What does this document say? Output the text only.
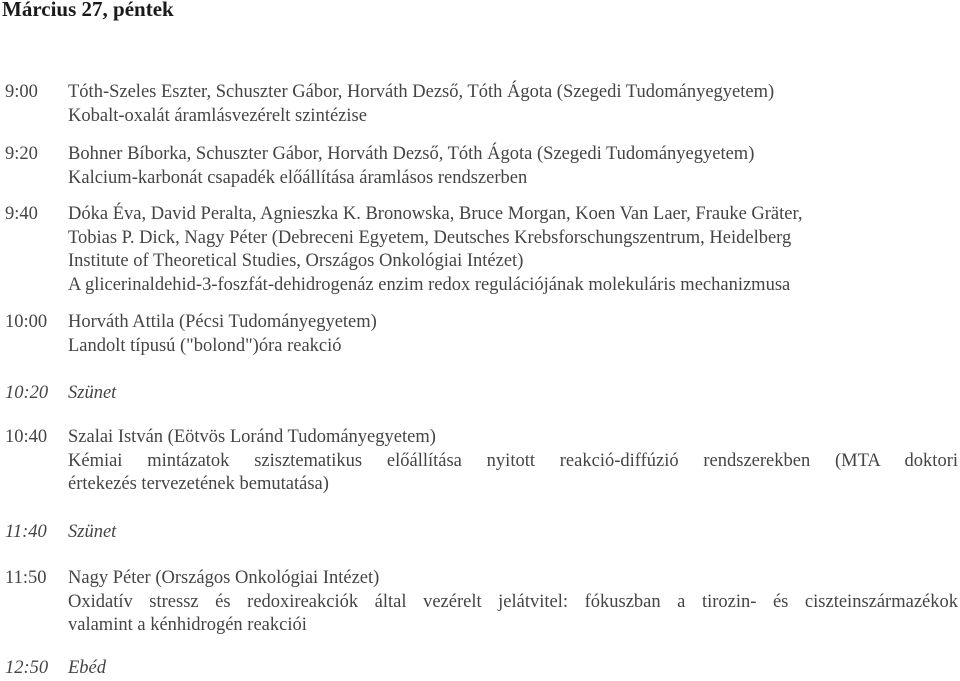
Március 27, péntek
9:00 Tóth-Szeles Eszter, Schuszter Gábor, Horváth Dezső, Tóth Ágota (Szegedi Tudományegyetem)
Kobalt-oxalát áramlásvezérelt szintézise
9:20 Bohner Bíborka, Schuszter Gábor, Horváth Dezső, Tóth Ágota (Szegedi Tudományegyetem)
Kalcium-karbonát csapadék előállítása áramlásos rendszerben
9:40 Dóka Éva, David Peralta, Agnieszka K. Bronowska, Bruce Morgan, Koen Van Laer, Frauke Gräter,
Tobias P. Dick, Nagy Péter (Debreceni Egyetem, Deutsches Krebsforschungszentrum, Heidelberg
Institute of Theoretical Studies, Országos Onkológiai Intézet)
A glicerinaldehid-3-foszfát-dehidrogenáz enzim redox regulációjának molekuláris mechanizmusa
10:00 Horváth Attila (Pécsi Tudományegyetem)
Landolt típusú ("bolond")óra reakció
10:20 Szünet
10:40 Szalai István (Eötvös Loránd Tudományegyetem)
Kémiai mintázatok szisztematikus előállítása nyitott reakció-diffúzió rendszerekben (MTA doktori
értekezés tervezetének bemutatása)
11:40 Szünet
11:50 Nagy Péter (Országos Onkológiai Intézet)
Oxidatív stressz és redoxireakciók által vezérelt jelátvitel: fókuszban a tirozin- és ciszteinszármazékok
valamint a kénhidrogén reakciói
12:50 Ebéd
